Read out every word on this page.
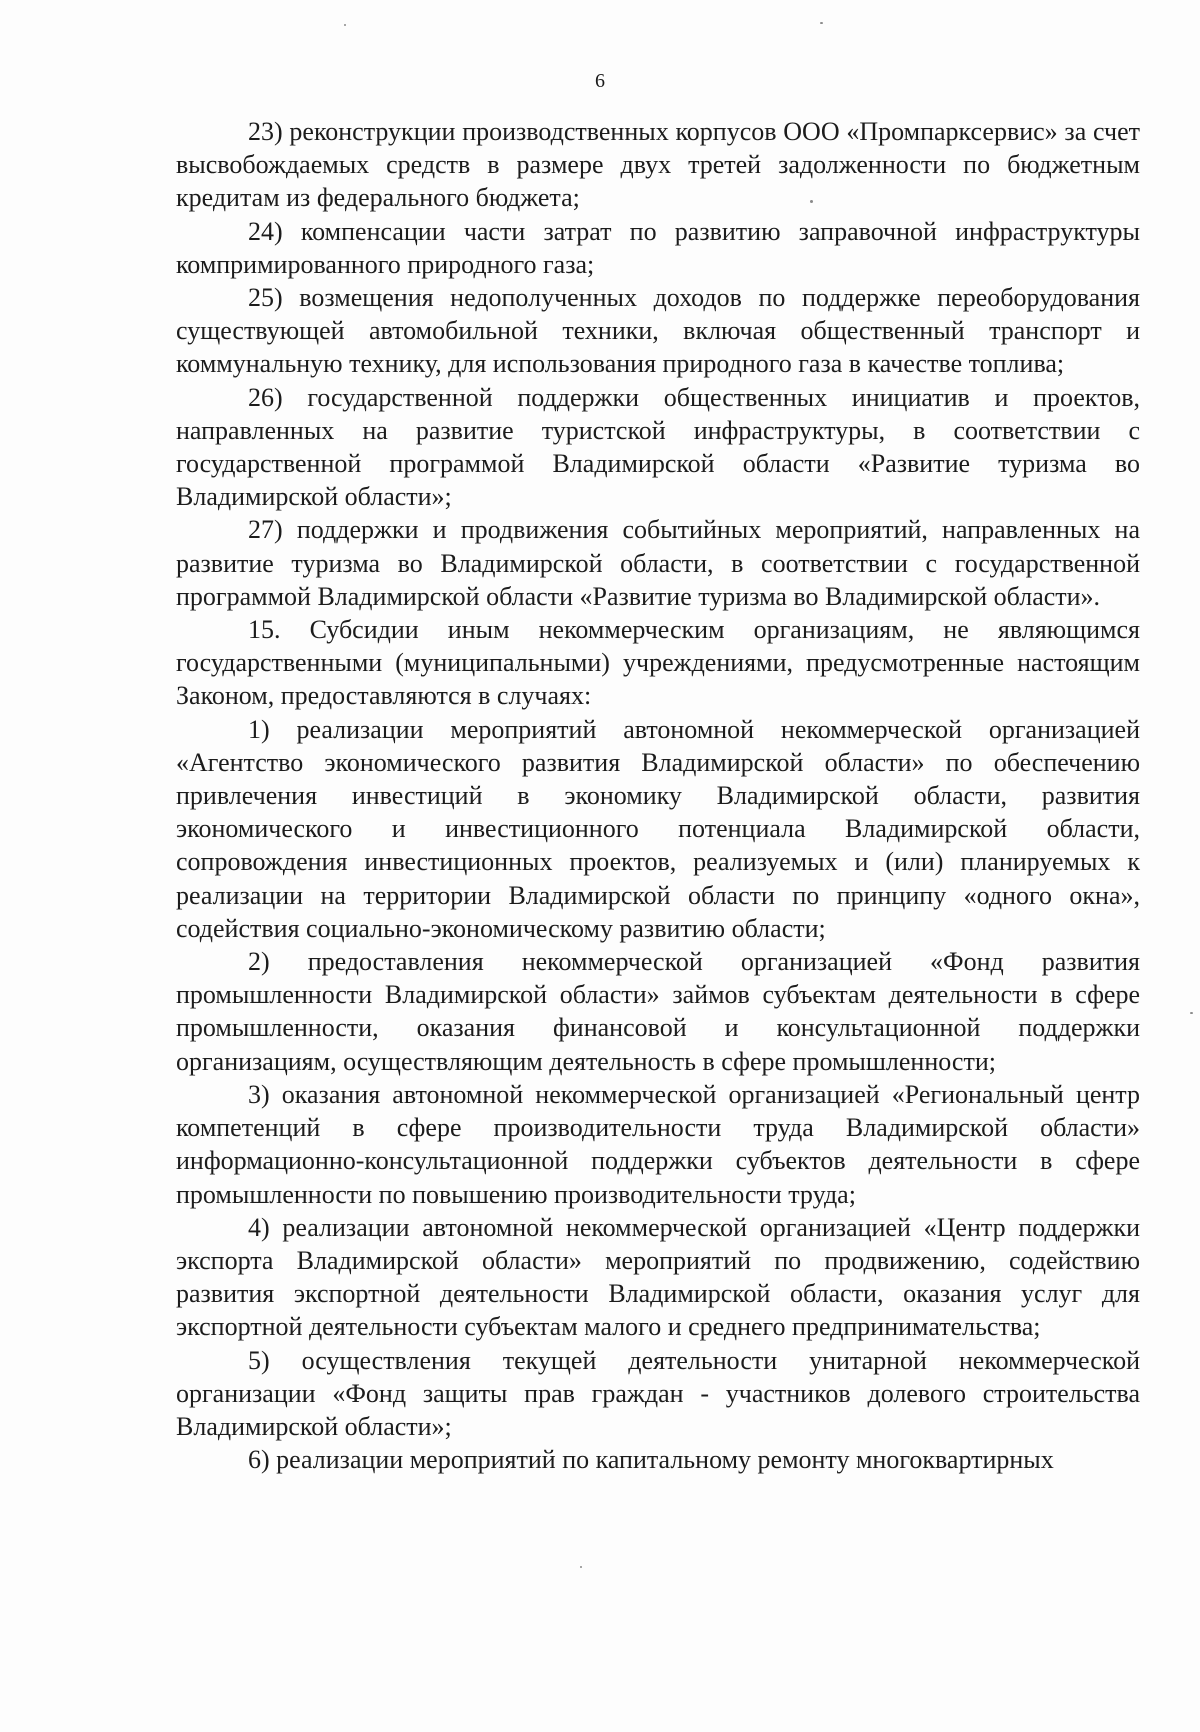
6

23) реконструкции производственных корпусов ООО «Промпарксервис» за счет высвобождаемых средств в размере двух третей задолженности по бюджетным кредитам из федерального бюджета;

24) компенсации части затрат по развитию заправочной инфраструктуры компримированного природного газа;

25) возмещения недополученных доходов по поддержке переоборудования существующей автомобильной техники, включая общественный транспорт и коммунальную технику, для использования природного газа в качестве топлива;

26) государственной поддержки общественных инициатив и проектов, направленных на развитие туристской инфраструктуры, в соответствии с государственной программой Владимирской области «Развитие туризма во Владимирской области»;

27) поддержки и продвижения событийных мероприятий, направленных на развитие туризма во Владимирской области, в соответствии с государственной программой Владимирской области «Развитие туризма во Владимирской области».

15. Субсидии иным некоммерческим организациям, не являющимся государственными (муниципальными) учреждениями, предусмотренные настоящим Законом, предоставляются в случаях:

1) реализации мероприятий автономной некоммерческой организацией «Агентство экономического развития Владимирской области» по обеспечению привлечения инвестиций в экономику Владимирской области, развития экономического и инвестиционного потенциала Владимирской области, сопровождения инвестиционных проектов, реализуемых и (или) планируемых к реализации на территории Владимирской области по принципу «одного окна», содействия социально-экономическому развитию области;

2) предоставления некоммерческой организацией «Фонд развития промышленности Владимирской области» займов субъектам деятельности в сфере промышленности, оказания финансовой и консультационной поддержки организациям, осуществляющим деятельность в сфере промышленности;

3) оказания автономной некоммерческой организацией «Региональный центр компетенций в сфере производительности труда Владимирской области» информационно-консультационной поддержки субъектов деятельности в сфере промышленности по повышению производительности труда;

4) реализации автономной некоммерческой организацией «Центр поддержки экспорта Владимирской области» мероприятий по продвижению, содействию развития экспортной деятельности Владимирской области, оказания услуг для экспортной деятельности субъектам малого и среднего предпринимательства;

5) осуществления текущей деятельности унитарной некоммерческой организации «Фонд защиты прав граждан - участников долевого строительства Владимирской области»;

6) реализации мероприятий по капитальному ремонту многоквартирных
